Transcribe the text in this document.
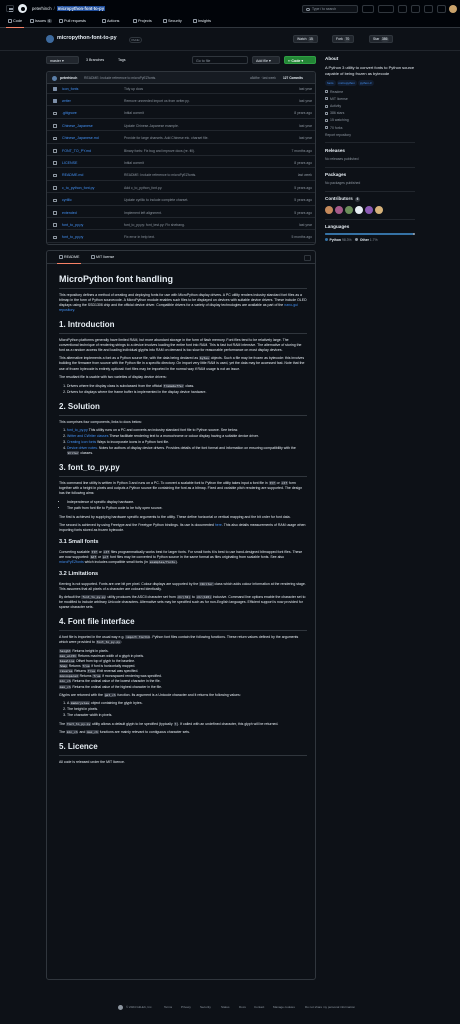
peterhinch / micropython-font-to-py	Type / to search
Code	Issues 6	Pull requests	Actions	Projects	Security	Insights
micropython-font-to-py	Public	Watch 15	Fork 70	Star 386
master ▾	3 Branches	Tags	Go to file	Add file ▾	‹› Code ▾
peterhinch README: Include reference to microPyEZfonts.	a5dfbe · last week 127 Commits
icon_fonts	Tidy up docs	last year
writer	Remove unneeded import os from writer.py.	last year
.gitignore	Initial commit	8 years ago
Chinese_Japanese	Update Chinese-Japanese example.	last year
Chinese_Japanese.md	Provide for large charsets. Add Chinese etc. charset file.	last year
FONT_TO_PY.md	Binary fonts: Fix bug and improve docs (re. fill).	7 months ago
LICENSE	Initial commit	8 years ago
README.md	README: Include reference to microPyEZfonts.	last week
c_to_python_font.py	Add c_to_python_font.py.	5 years ago
cyrillic	Update cyrillic to include complete charset.	5 years ago
extended	Implement left alignment.	5 years ago
font_to_py.py	font_to_py.py: font_test.py: Fix shebang.	last year
font_to_py.py	Fix error in help text.	5 months ago
README	MIT license
MicroPython font handling

This repository defines a method of creating and deploying fonts for use with MicroPython display drivers. A PC utility renders industry standard font files as a bitmap in the form of Python sourcecode. A MicroPython module enables such files to be displayed on devices with suitable device drivers. These include OLED displays using the SSD1306 chip and the official device driver. Compatible drivers for a variety of display technologies are available as part of the nano-gui repository.

1. Introduction

MicroPython platforms generally have limited RAM, but more abundant storage in the form of flash memory. Font files tend to be relatively large. The conventional technique of rendering strings to a device involves loading the entire font into RAM. This is fast but RAM intensive. The alternative of storing the font as a random access file and loading individual glyphs into RAM on demand is too slow for reasonable performance on most display devices.

This alternative implements a font as a Python source file, with the data being declared as bytes objects. Such a file may be frozen as bytecode: this involves building the firmware from source with the Python file in a specific directory. On import very little RAM is used, yet the data may be accessed fast. Note that the use of frozen bytecode is entirely optional: font files may be imported in the normal way if RAM usage is not an issue.

The resultant file is usable with two varieties of display device drivers:

1. Drivers where the display class is subclassed from the official framebuffer class.
2. Drivers for displays where the frame buffer is implemented in the display device hardware.
2. Solution

This comprises four components, links to docs below:

1. font_to_py.py This utility runs on a PC and converts an industry standard font file to Python source. See below.
2. Writer and CWriter classes These facilitate rendering text to a monochrome or colour display having a suitable device driver.
3. Creating icon fonts Ways to incorporate icons in a Python font file.
4. Device driver notes. Notes for authors of display device drivers. Provides details of the font format and information on ensuring compatibility with the Writer classes.
3. font_to_py.py

This command line utility is written in Python 3 and runs on a PC. To convert a scalable font to Python the utility takes input a font file in ttf or otf form together with a height in pixels and outputs a Python source file containing the font as a bitmap. Fixed and variable pitch rendering are supported. The design has the following aims:

• Independence of specific display hardware.
• The path from font file to Python code to be fully open source.

The first is achieved by supplying hardware specific arguments to the utility. These define horizontal or vertical mapping and the bit order for font data.

The second is achieved by using Freetype and the Freetype Python bindings. Its use is documented here. This also details measurements of RAM usage when importing fonts stored as frozen bytecode.

3.1 Small fonts

Converting scalable ttf or otf files programmatically works best for larger fonts. For small fonts it is best to use hand-designed bitmapped font files. These are now supported: bdf or pcf font files may be converted to Python source in the same format as files originating from scalable fonts. See also microPyEZfonts which includes compatible small fonts (in examples/fonts).

3.2 Limitations

Kerning is not supported. Fonts are one bit per pixel. Colour displays are supported by the CWriter class which adds colour information at the rendering stage. This assumes that all pixels of a character are coloured identically.

By default the font_to_py.py utility produces the ASCII character set from chr(32) to chr(126) inclusive. Command line options enable the character set to be modified to include arbitrary Unicode characters. Alternative sets may be specified such as for non-English languages. Efficient support is now provided for sparse character sets.

4. Font file interface

A font file is imported in the usual way e.g. import font14. Python font files contain the following functions. These return values defined by the arguments which were provided to font_to_py.py:

height Returns height in pixels.
max_width Returns maximum width of a glyph in pixels.
baseline Offset from top of glyph to the baseline.
hmap Returns True if font is horizontally mapped.
reverse Returns True if bit reversal was specified.
monospaced Returns True if monospaced rendering was specified.
min_ch Returns the ordinal value of the lowest character in the file.
max_ch Returns the ordinal value of the highest character in the file.

Glyphs are returned with the get_ch function. Its argument is a Unicode character and it returns the following values:

1. A memoryview object containing the glyph bytes.
2. The height in pixels.
3. The character width in pixels.

The font_to_py.py utility allows a default glyph to be specified (typically ?). If called with an undefined character, this glyph will be returned.

The min_ch and max_ch functions are mainly relevant to contiguous character sets.

5. Licence

All code is released under the MIT licence.

About
A Python 3 utility to convert fonts to Python source capable of being frozen as bytecode
fonts micropython python-3
Readme
MIT license
Activity
386 stars
15 watching
70 forks
Report repository
Releases
No releases published
Packages
No packages published
Contributors 6
Languages
Python 98.3% Other 1.7%
© 2024 GitHub, Inc.	Terms	Privacy	Security	Status	Docs	Contact	Manage cookies	Do not share my personal information
